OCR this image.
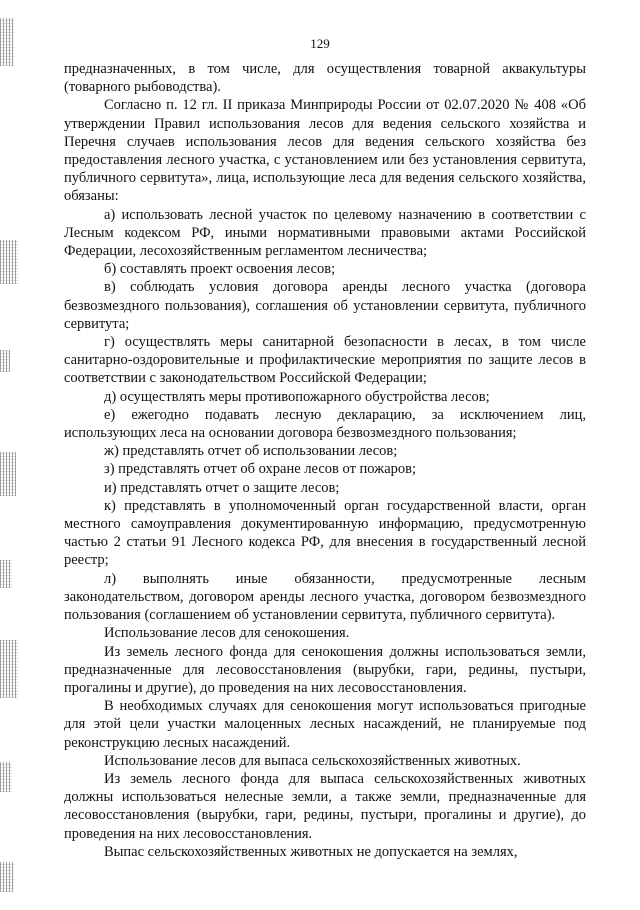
129

предназначенных, в том числе, для осуществления товарной аквакультуры (товарного рыбоводства).

Согласно п. 12 гл. II приказа Минприроды России от 02.07.2020 № 408 «Об утверждении Правил использования лесов для ведения сельского хозяйства и Перечня случаев использования лесов для ведения сельского хозяйства без предоставления лесного участка, с установлением или без установления сервитута, публичного сервитута», лица, использующие леса для ведения сельского хозяйства, обязаны:

а) использовать лесной участок по целевому назначению в соответствии с Лесным кодексом РФ, иными нормативными правовыми актами Российской Федерации, лесохозяйственным регламентом лесничества;

б) составлять проект освоения лесов;

в) соблюдать условия договора аренды лесного участка (договора безвозмездного пользования), соглашения об установлении сервитута, публичного сервитута;

г) осуществлять меры санитарной безопасности в лесах, в том числе санитарно-оздоровительные и профилактические мероприятия по защите лесов в соответствии с законодательством Российской Федерации;

д) осуществлять меры противопожарного обустройства лесов;

е) ежегодно подавать лесную декларацию, за исключением лиц, использующих леса на основании договора безвозмездного пользования;

ж) представлять отчет об использовании лесов;

з) представлять отчет об охране лесов от пожаров;

и) представлять отчет о защите лесов;

к) представлять в уполномоченный орган государственной власти, орган местного самоуправления документированную информацию, предусмотренную частью 2 статьи 91 Лесного кодекса РФ, для внесения в государственный лесной реестр;

л) выполнять иные обязанности, предусмотренные лесным законодательством, договором аренды лесного участка, договором безвозмездного пользования (соглашением об установлении сервитута, публичного сервитута).

Использование лесов для сенокошения.

Из земель лесного фонда для сенокошения должны использоваться земли, предназначенные для лесовосстановления (вырубки, гари, редины, пустыри, прогалины и другие), до проведения на них лесовосстановления.

В необходимых случаях для сенокошения могут использоваться пригодные для этой цели участки малоценных лесных насаждений, не планируемые под реконструкцию лесных насаждений.

Использование лесов для выпаса сельскохозяйственных животных.

Из земель лесного фонда для выпаса сельскохозяйственных животных должны использоваться нелесные земли, а также земли, предназначенные для лесовосстановления (вырубки, гари, редины, пустыри, прогалины и другие), до проведения на них лесовосстановления.

Выпас сельскохозяйственных животных не допускается на землях,
